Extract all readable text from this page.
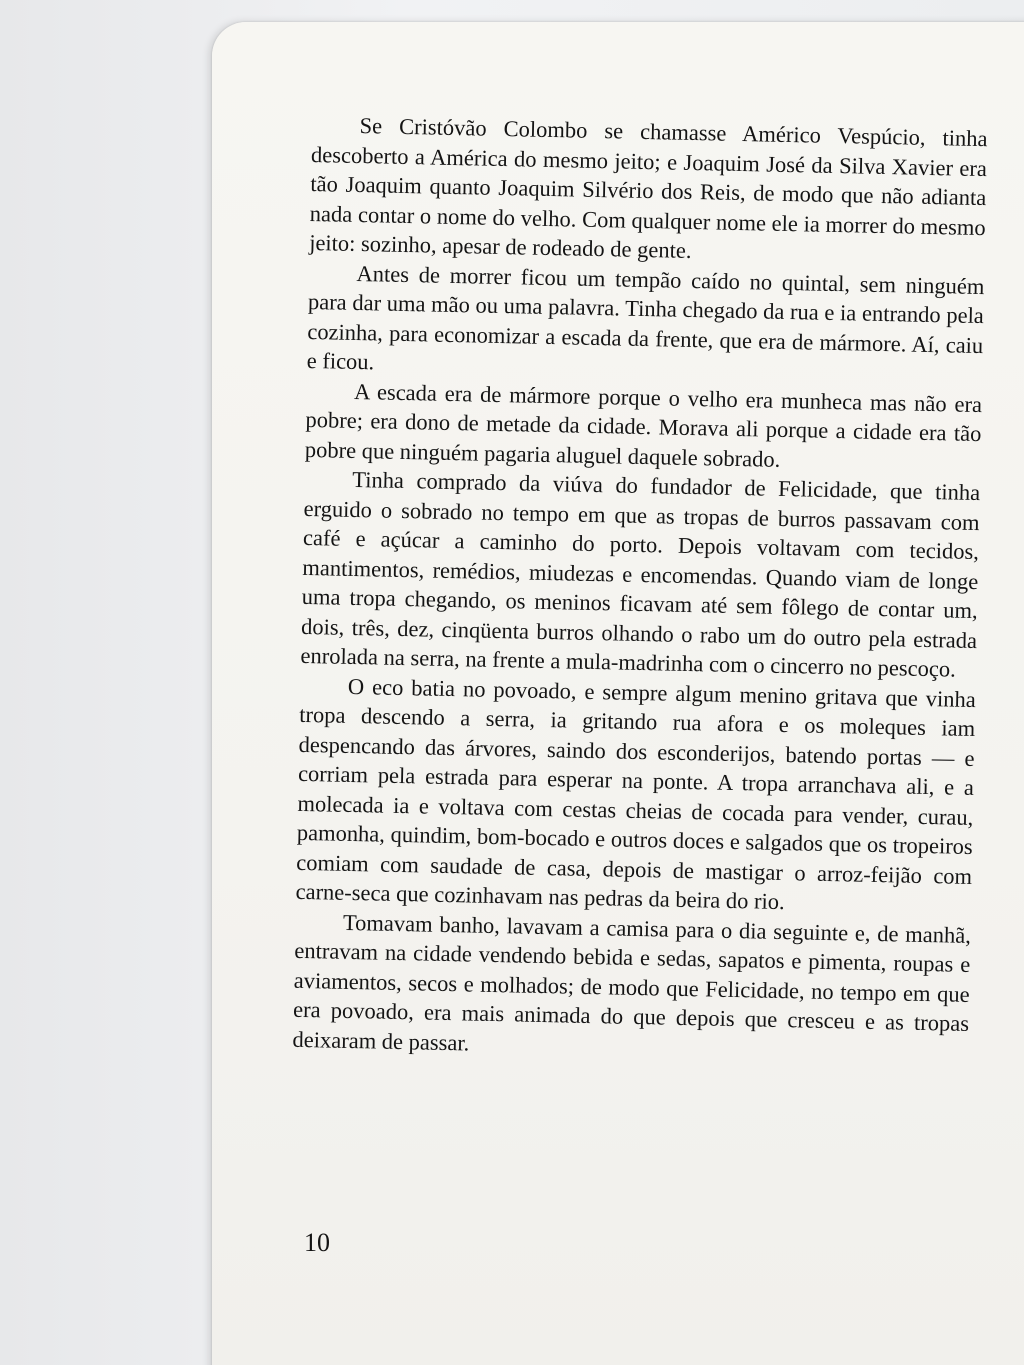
Se Cristóvão Colombo se chamasse Américo Vespúcio, tinha descoberto a América do mesmo jeito; e Joaquim José da Silva Xavier era tão Joaquim quanto Joaquim Silvério dos Reis, de modo que não adianta nada contar o nome do velho. Com qualquer nome ele ia morrer do mesmo jeito: sozinho, apesar de rodeado de gente.

Antes de morrer ficou um tempão caído no quintal, sem ninguém para dar uma mão ou uma palavra. Tinha chegado da rua e ia entrando pela cozinha, para economizar a escada da frente, que era de mármore. Aí, caiu e ficou.

A escada era de mármore porque o velho era munheca mas não era pobre; era dono de metade da cidade. Morava ali porque a cidade era tão pobre que ninguém pagaria aluguel daquele sobrado.

Tinha comprado da viúva do fundador de Felicidade, que tinha erguido o sobrado no tempo em que as tropas de burros passavam com café e açúcar a caminho do porto. Depois voltavam com tecidos, mantimentos, remédios, miudezas e encomendas. Quando viam de longe uma tropa chegando, os meninos ficavam até sem fôlego de contar um, dois, três, dez, cinqüenta burros olhando o rabo um do outro pela estrada enrolada na serra, na frente a mula-madrinha com o cincerro no pescoço.

O eco batia no povoado, e sempre algum menino gritava que vinha tropa descendo a serra, ia gritando rua afora e os moleques iam despencando das árvores, saindo dos esconderijos, batendo portas — e corriam pela estrada para esperar na ponte. A tropa arranchava ali, e a molecada ia e voltava com cestas cheias de cocada para vender, curau, pamonha, quindim, bom-bocado e outros doces e salgados que os tropeiros comiam com saudade de casa, depois de mastigar o arroz-feijão com carne-seca que cozinhavam nas pedras da beira do rio.

Tomavam banho, lavavam a camisa para o dia seguinte e, de manhã, entravam na cidade vendendo bebida e sedas, sapatos e pimenta, roupas e aviamentos, secos e molhados; de modo que Felicidade, no tempo em que era povoado, era mais animada do que depois que cresceu e as tropas deixaram de passar.

10
